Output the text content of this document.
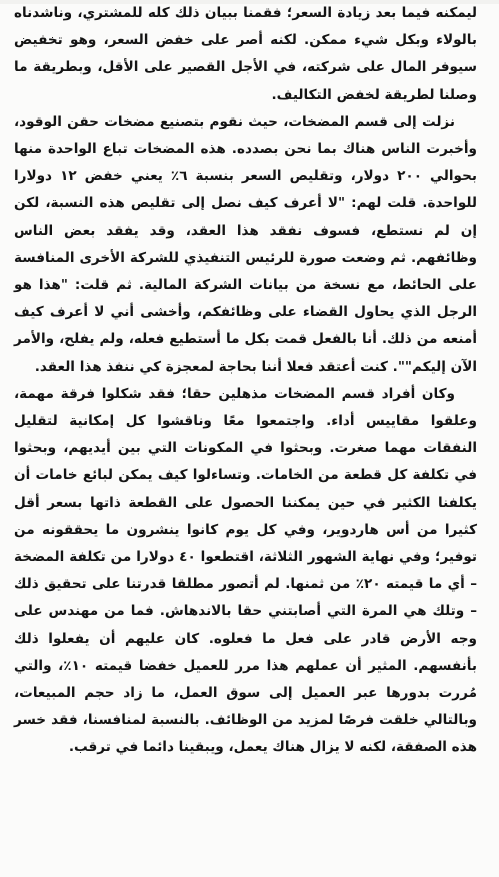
ليمكنه فيما بعد زيادة السعر؛ فقمنا ببيان ذلك كله للمشتري، وناشدناه بالولاء وبكل شيء ممكن. لكنه أصر على خفض السعر، وهو تخفيض سيوفر المال على شركته، في الأجل القصير على الأقل، وبطريقة ما وصلنا لطريقة لخفض التكاليف.

نزلت إلى قسم المضخات، حيث نقوم بتصنيع مضخات حقن الوقود، وأخبرت الناس هناك بما نحن بصدده. هذه المضخات تباع الواحدة منها بحوالي ٢٠٠ دولار، وتقليص السعر بنسبة ٦٪ يعني خفض ١٢ دولارا للواحدة. قلت لهم: "لا أعرف كيف نصل إلى تقليص هذه النسبة، لكن إن لم نستطع، فسوف نفقد هذا العقد، وقد يفقد بعض الناس وظائفهم. ثم وضعت صورة للرئيس التنفيذي للشركة الأخرى المنافسة على الحائط، مع نسخة من بيانات الشركة المالية. ثم قلت: "هذا هو الرجل الذي يحاول القضاء على وظائفكم، وأخشى أني لا أعرف كيف أمنعه من ذلك. أنا بالفعل قمت بكل ما أستطيع فعله، ولم يفلح، والأمر الآن إليكم"". كنت أعتقد فعلا أننا بحاجة لمعجزة كي ننفذ هذا العقد.

وكان أفراد قسم المضخات مذهلين حقا؛ فقد شكلوا فرقة مهمة، وعلقوا مقاييس أداء. واجتمعوا معًا وناقشوا كل إمكانية لتقليل النفقات مهما صغرت. وبحثوا في المكونات التي بين أيديهم، وبحثوا في تكلفة كل قطعة من الخامات. وتساءلوا كيف يمكن لبائع خامات أن يكلفنا الكثير في حين يمكننا الحصول على القطعة ذاتها بسعر أقل كثيرا من أس هاردوير، وفي كل يوم كانوا ينشرون ما يحققونه من توفير؛ وفي نهاية الشهور الثلاثة، اقتطعوا ٤٠ دولارا من تكلفة المضخة – أي ما قيمته ٢٠٪ من ثمنها. لم أتصور مطلقا قدرتنا على تحقيق ذلك – وتلك هي المرة التي أصابتني حقا بالاندهاش. فما من مهندس على وجه الأرض قادر على فعل ما فعلوه. كان عليهم أن يفعلوا ذلك بأنفسهم. المثير أن عملهم هذا مرر للعميل خفضا قيمته ١٠٪، والتي مُررت بدورها عبر العميل إلى سوق العمل، ما زاد حجم المبيعات، وبالتالي خلقت فرصًا لمزيد من الوظائف. بالنسبة لمنافسنا، فقد خسر هذه الصفقة، لكنه لا يزال هناك يعمل، ويبقينا دائما في ترقب.
